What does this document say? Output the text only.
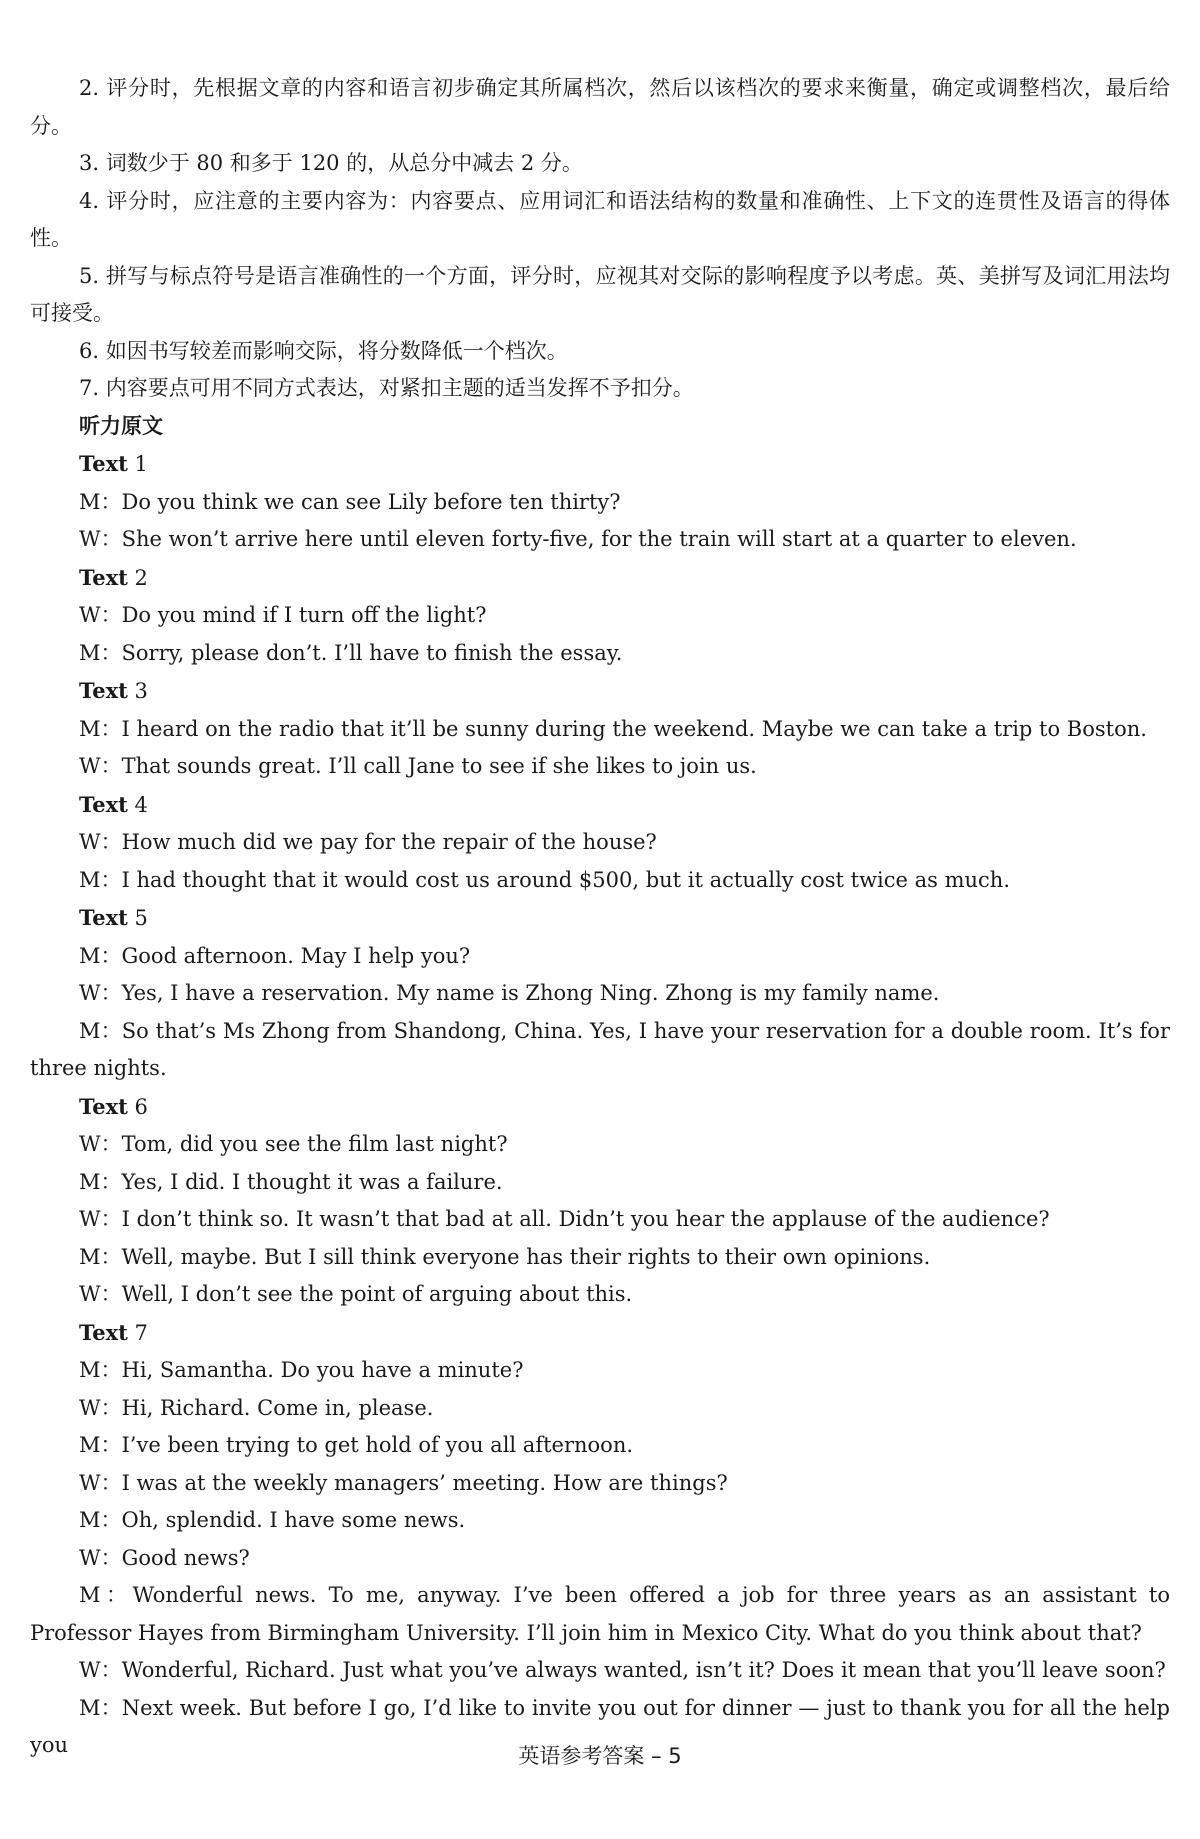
2. 评分时，先根据文章的内容和语言初步确定其所属档次，然后以该档次的要求来衡量，确定或调整档次，最后给分。

3. 词数少于 80 和多于 120 的，从总分中减去 2 分。

4. 评分时，应注意的主要内容为：内容要点、应用词汇和语法结构的数量和准确性、上下文的连贯性及语言的得体性。

5. 拼写与标点符号是语言准确性的一个方面，评分时，应视其对交际的影响程度予以考虑。英、美拼写及词汇用法均可接受。

6. 如因书写较差而影响交际，将分数降低一个档次。

7. 内容要点可用不同方式表达，对紧扣主题的适当发挥不予扣分。

听力原文

Text 1

M：Do you think we can see Lily before ten thirty?

W：She won’t arrive here until eleven forty-five, for the train will start at a quarter to eleven.

Text 2

W：Do you mind if I turn off the light?

M：Sorry, please don’t. I’ll have to finish the essay.

Text 3

M：I heard on the radio that it’ll be sunny during the weekend. Maybe we can take a trip to Boston.

W：That sounds great. I’ll call Jane to see if she likes to join us.

Text 4

W：How much did we pay for the repair of the house?

M：I had thought that it would cost us around $500, but it actually cost twice as much.

Text 5

M：Good afternoon. May I help you?

W：Yes, I have a reservation. My name is Zhong Ning. Zhong is my family name.

M：So that’s Ms Zhong from Shandong, China. Yes, I have your reservation for a double room. It’s for three nights.

Text 6

W：Tom, did you see the film last night?

M：Yes, I did. I thought it was a failure.

W：I don’t think so. It wasn’t that bad at all. Didn’t you hear the applause of the audience?

M：Well, maybe. But I sill think everyone has their rights to their own opinions.

W：Well, I don’t see the point of arguing about this.

Text 7

M：Hi, Samantha. Do you have a minute?

W：Hi, Richard. Come in, please.

M：I’ve been trying to get hold of you all afternoon.

W：I was at the weekly managers’ meeting. How are things?

M：Oh, splendid. I have some news.

W：Good news?

M：Wonderful news. To me, anyway. I’ve been offered a job for three years as an assistant to Professor Hayes from Birmingham University. I’ll join him in Mexico City. What do you think about that?

W：Wonderful, Richard. Just what you’ve always wanted, isn’t it? Does it mean that you’ll leave soon?

M：Next week. But before I go, I’d like to invite you out for dinner — just to thank you for all the help you	英语参考答案 – 5
